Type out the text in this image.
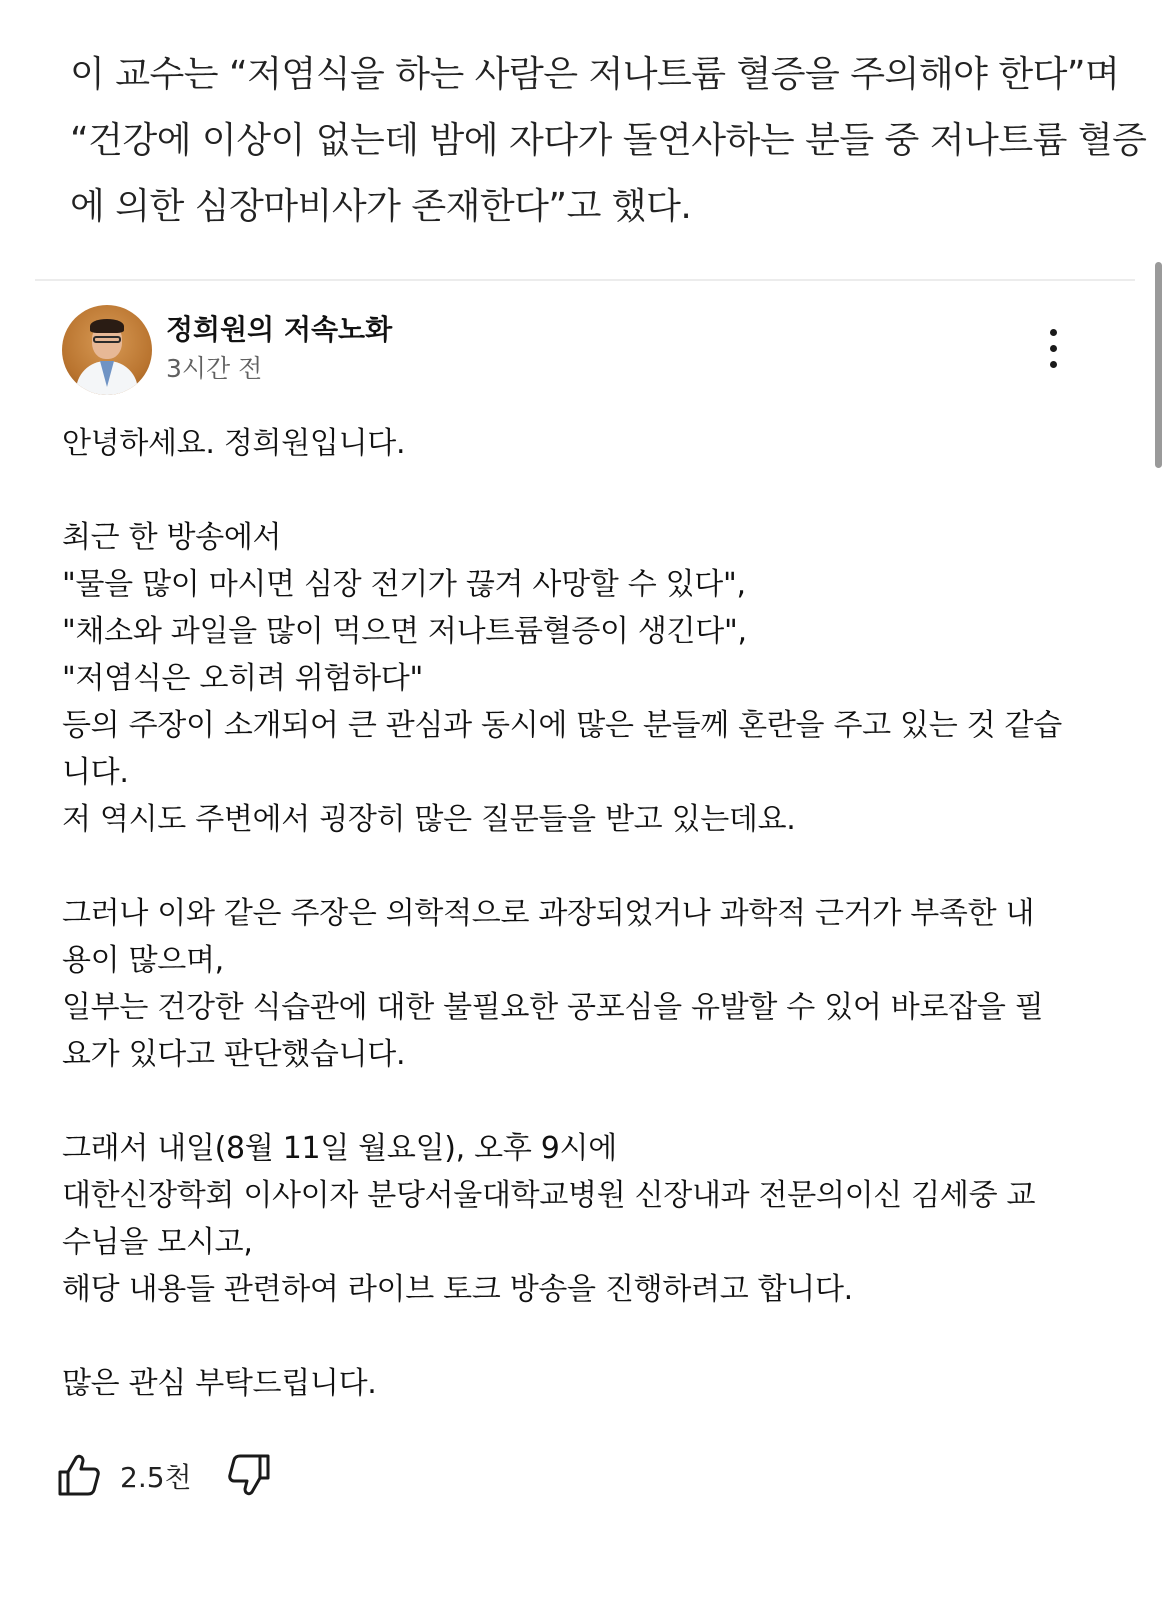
이 교수는 “저염식을 하는 사람은 저나트륨 혈증을 주의해야 한다”며
“건강에 이상이 없는데 밤에 자다가 돌연사하는 분들 중 저나트륨 혈증
에 의한 심장마비사가 존재한다”고 했다.
정희원의 저속노화
3시간 전
안녕하세요. 정희원입니다.
최근 한 방송에서
"물을 많이 마시면 심장 전기가 끊겨 사망할 수 있다",
"채소와 과일을 많이 먹으면 저나트륨혈증이 생긴다",
"저염식은 오히려 위험하다"
등의 주장이 소개되어 큰 관심과 동시에 많은 분들께 혼란을 주고 있는 것 같습
니다.
저 역시도 주변에서 굉장히 많은 질문들을 받고 있는데요.
그러나 이와 같은 주장은 의학적으로 과장되었거나 과학적 근거가 부족한 내
용이 많으며,
일부는 건강한 식습관에 대한 불필요한 공포심을 유발할 수 있어 바로잡을 필
요가 있다고 판단했습니다.
그래서 내일(8월 11일 월요일), 오후 9시에
대한신장학회 이사이자 분당서울대학교병원 신장내과 전문의이신 김세중 교
수님을 모시고,
해당 내용들 관련하여 라이브 토크 방송을 진행하려고 합니다.
많은 관심 부탁드립니다.
2.5천
